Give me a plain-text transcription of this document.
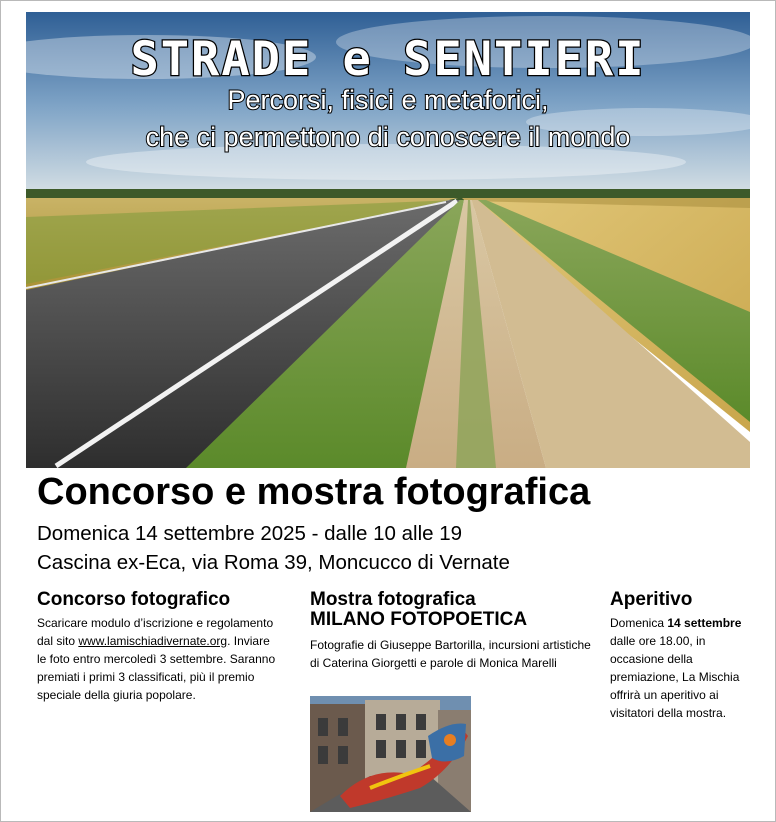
STRADE e SENTIERI
Percorsi, fisici e metaforici,
che ci permettono di conoscere il mondo
Concorso e mostra fotografica
Domenica 14 settembre 2025 - dalle 10 alle 19
Cascina ex-Eca, via Roma 39, Moncucco di Vernate
Concorso fotografico

Scaricare modulo d’iscrizione e regolamento dal sito www.lamischiadivernate.org. Inviare le foto entro mercoledì 3 settembre. Saranno premiati i primi 3 classificati, più il premio speciale della giuria popolare.

Mostra fotografica
MILANO FOTOPOETICA

Fotografie di Giuseppe Bartorilla, incursioni artistiche di Caterina Giorgetti e parole di Monica Marelli

Aperitivo

Domenica 14 settembre dalle ore 18.00, in occasione della premiazione, La Mischia offrirà un aperitivo ai visitatori della mostra.
